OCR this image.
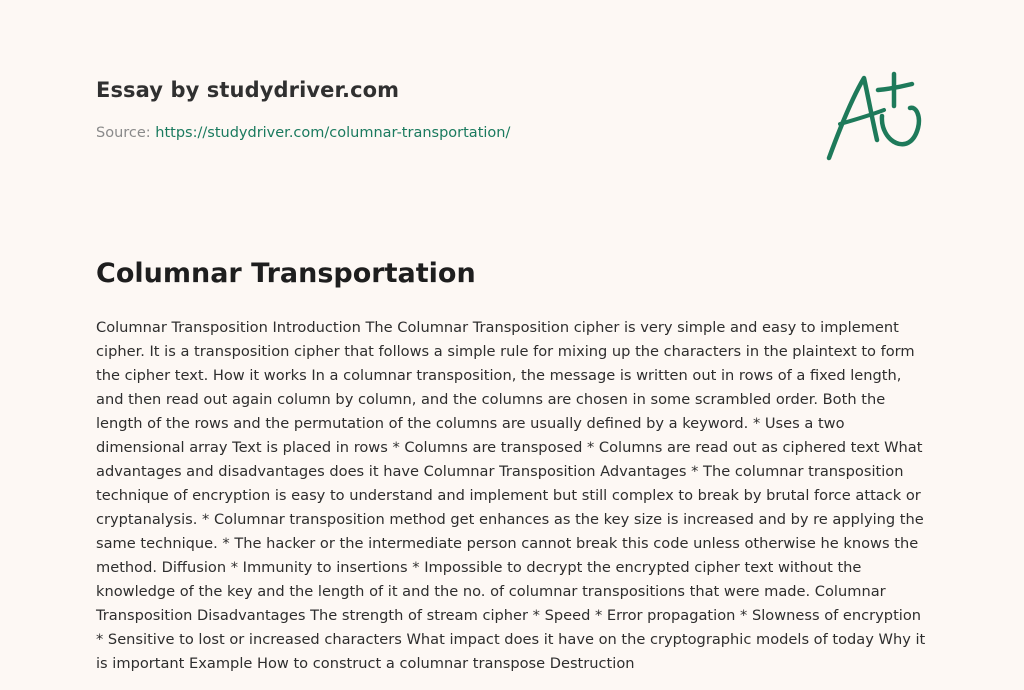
Essay by studydriver.com

Source: https://studydriver.com/columnar-transportation/
Columnar Transportation

Columnar Transposition Introduction The Columnar Transposition cipher is very simple and easy to implement cipher. It is a transposition cipher that follows a simple rule for mixing up the characters in the plaintext to form the cipher text. How it works In a columnar transposition, the message is written out in rows of a fixed length, and then read out again column by column, and the columns are chosen in some scrambled order. Both the length of the rows and the permutation of the columns are usually defined by a keyword. * Uses a two dimensional array Text is placed in rows * Columns are transposed * Columns are read out as ciphered text What advantages and disadvantages does it have Columnar Transposition Advantages * The columnar transposition technique of encryption is easy to understand and implement but still complex to break by brutal force attack or cryptanalysis. * Columnar transposition method get enhances as the key size is increased and by re applying the same technique. * The hacker or the intermediate person cannot break this code unless otherwise he knows the method. Diffusion * Immunity to insertions * Impossible to decrypt the encrypted cipher text without the knowledge of the key and the length of it and the no. of columnar transpositions that were made. Columnar Transposition Disadvantages The strength of stream cipher * Speed * Error propagation * Slowness of encryption * Sensitive to lost or increased characters What impact does it have on the cryptographic models of today Why it is important Example How to construct a columnar transpose Destruction
